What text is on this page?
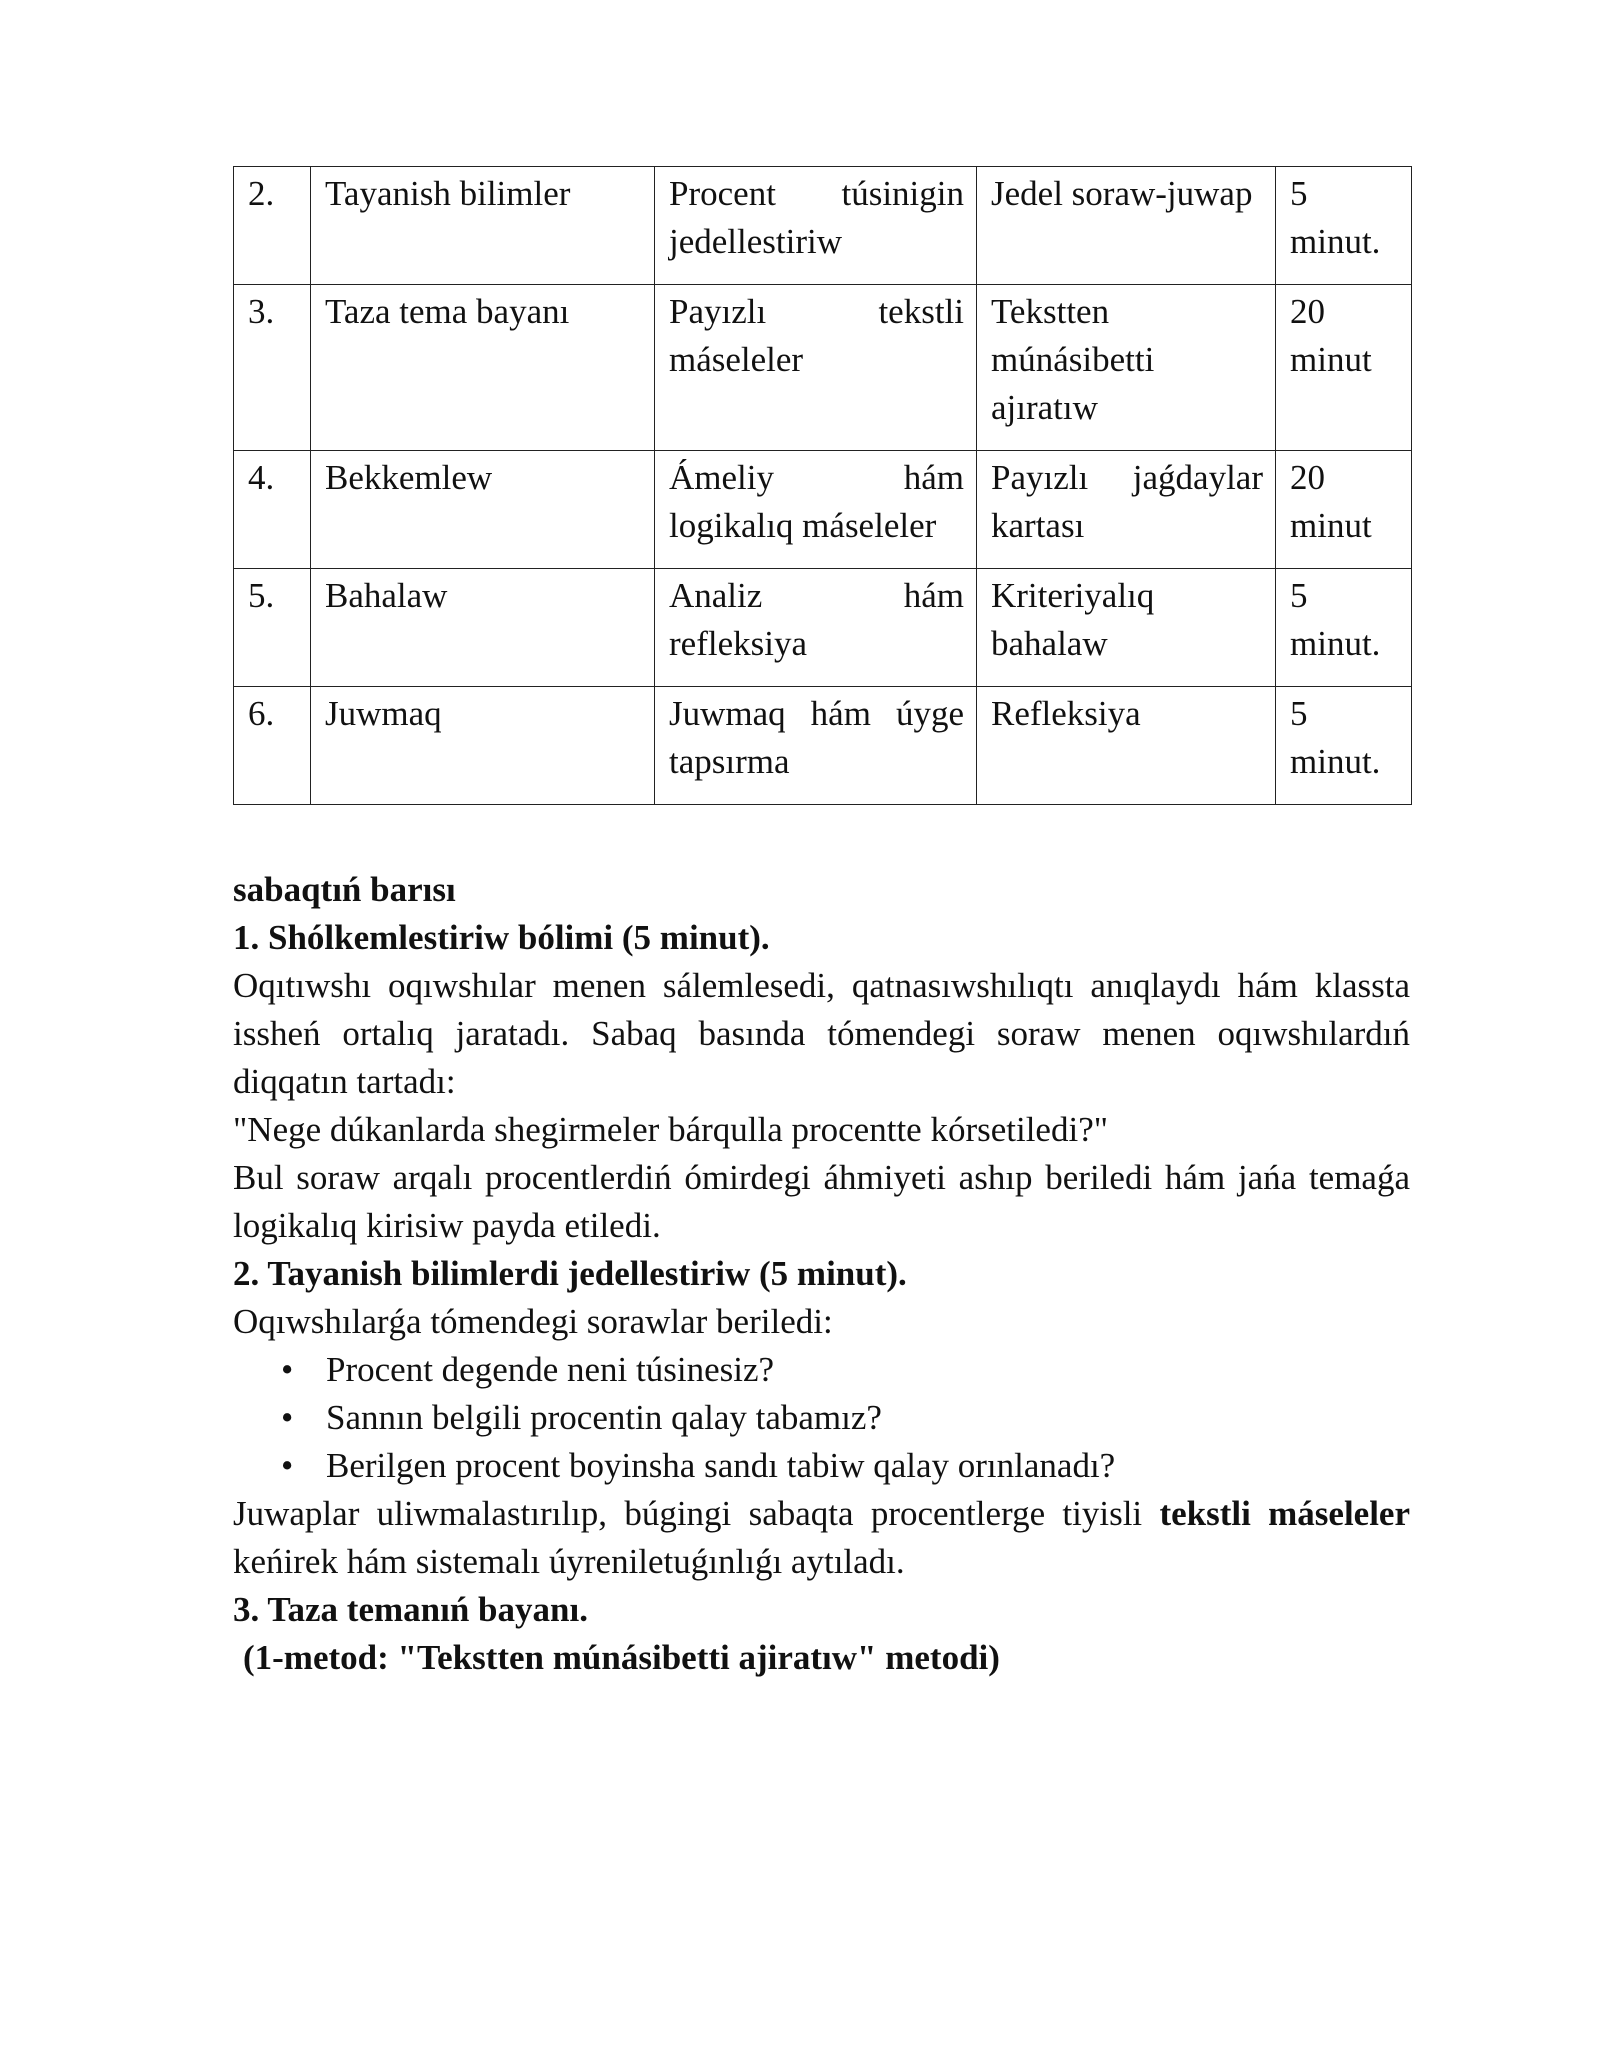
2.	Tayanish bilimler	Procent túsinigin jedellestiriw	Jedel soraw-juwap	5 minut.
3.	Taza tema bayanı	Payızlı tekstli máseleler	Tekstten múnásibetti ajıratıw	20 minut
4.	Bekkemlew	Ámeliy hám logikalıq máseleler	Payızlı jaǵdaylar kartası	20 minut
5.	Bahalaw	Analiz hám refleksiya	Kriteriyalıq bahalaw	5 minut.
6.	Juwmaq	Juwmaq hám úyge tapsırma	Refleksiya	5 minut.

sabaqtıń barısı

1. Shólkemlestiriw bólimi (5 minut).

Oqıtıwshı oqıwshılar menen sálemlesedi, qatnasıwshılıqtı anıqlaydı hám klassta issheń ortalıq jaratadı. Sabaq basında tómendegi soraw menen oqıwshılardıń diqqatın tartadı:

"Nege dúkanlarda shegirmeler bárqulla procentte kórsetiledi?"

Bul soraw arqalı procentlerdiń ómirdegi áhmiyeti ashıp beriledi hám jańa temaǵa logikalıq kirisiw payda etiledi.

2. Tayanish bilimlerdi jedellestiriw (5 minut).

Oqıwshılarǵa tómendegi sorawlar beriledi:

• Procent degende neni túsinesiz?
• Sannın belgili procentin qalay tabamız?
• Berilgen procent boyinsha sandı tabiw qalay orınlanadı?

Juwaplar uliwmalastırılıp, búgingi sabaqta procentlerge tiyisli tekstli máseleler keńirek hám sistemalı úyreniletuǵınlıǵı aytıladı.

3. Taza temanıń bayanı.

(1-metod: "Tekstten múnásibetti ajiratıw" metodi)
